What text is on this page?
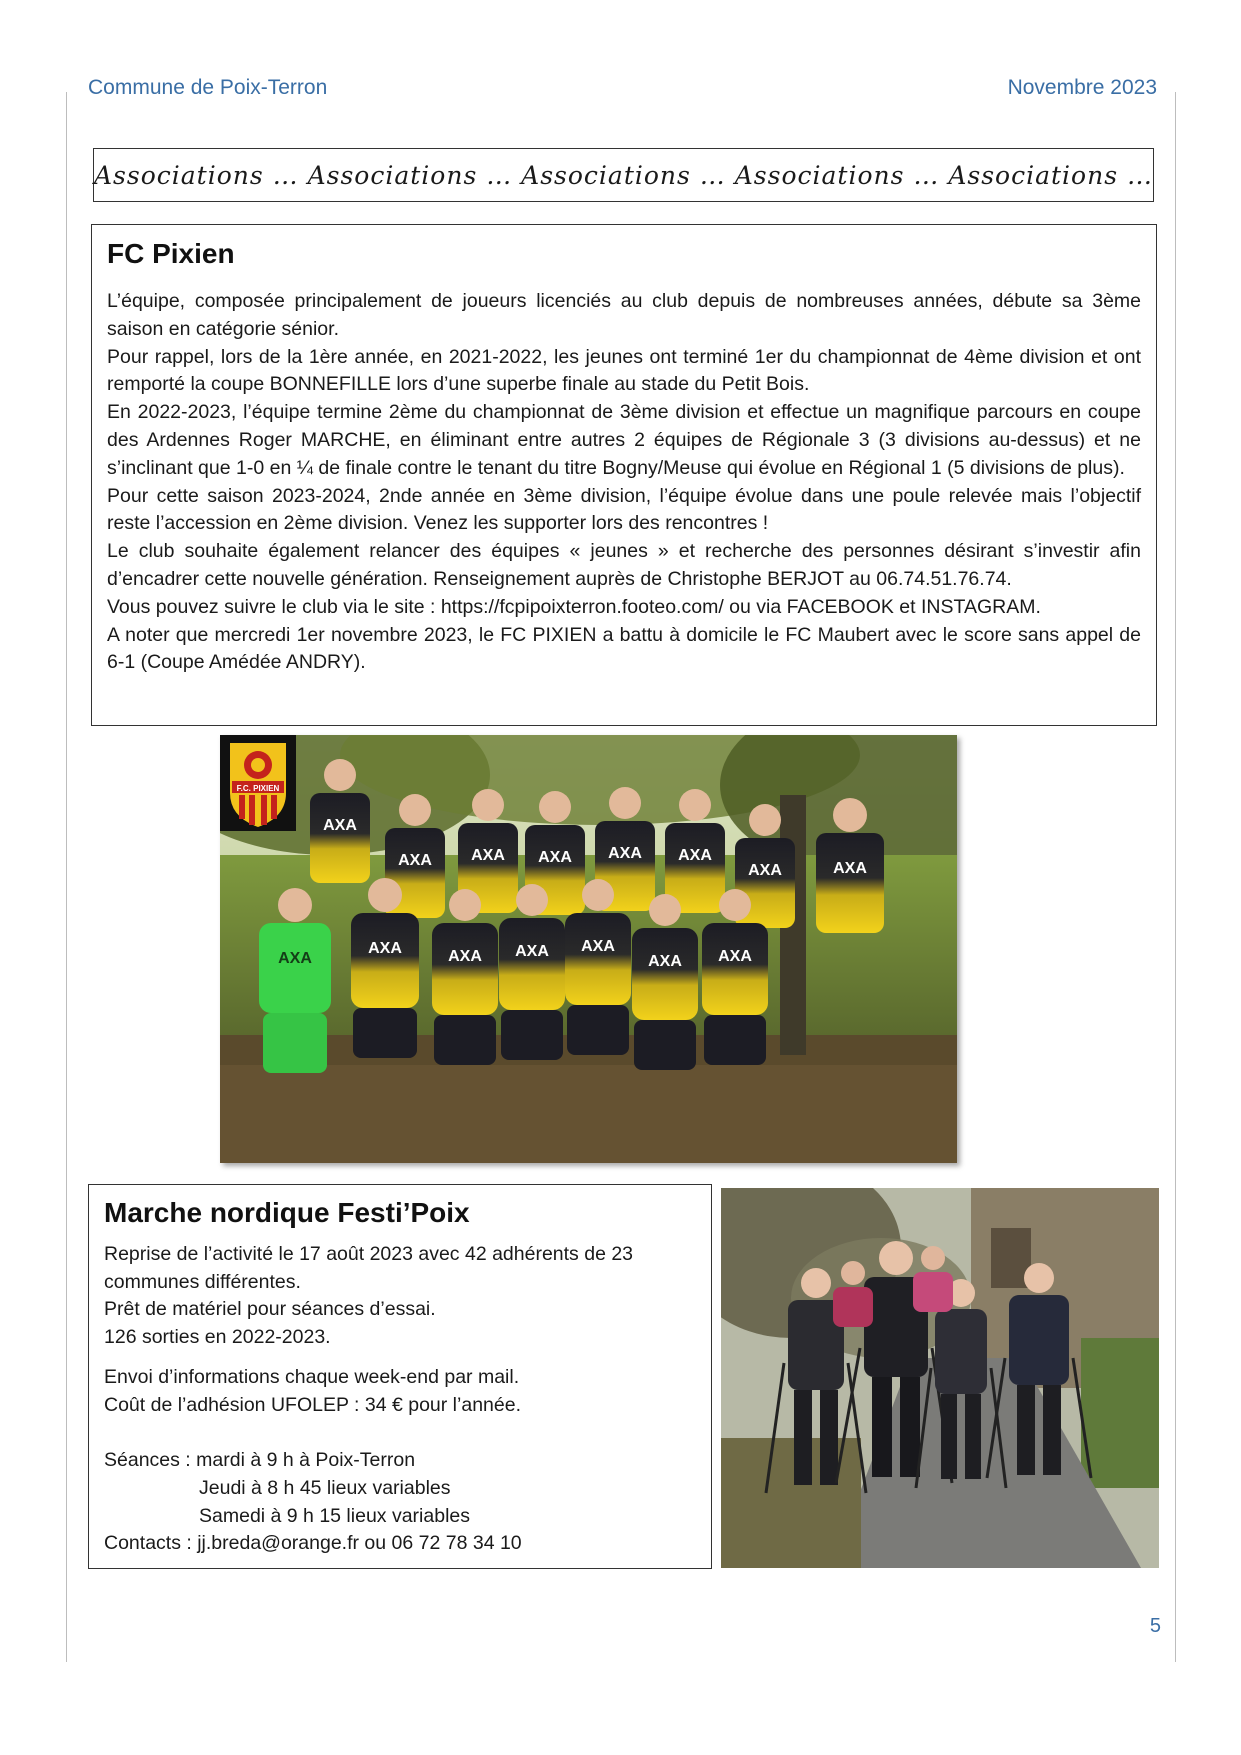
Commune de Poix-Terron	Novembre 2023
Associations … Associations … Associations … Associations … Associations …
FC Pixien

L’équipe, composée principalement de joueurs licenciés au club depuis de nombreuses années, débute sa 3ème saison en catégorie sénior.

Pour rappel, lors de la 1ère année, en 2021-2022, les jeunes ont terminé 1er du championnat de 4ème division et ont remporté la coupe BONNEFILLE lors d’une superbe finale au stade du Petit Bois.

En 2022-2023, l’équipe termine 2ème du championnat de 3ème division et effectue un magnifique parcours en coupe des Ardennes Roger MARCHE, en éliminant entre autres 2 équipes de Régionale 3 (3 divisions au-dessus) et ne s’inclinant que 1-0 en ¼ de finale contre le tenant du titre Bogny/Meuse qui évolue en Régional 1 (5 divisions de plus).

Pour cette saison 2023-2024, 2nde année en 3ème division, l’équipe évolue dans une poule relevée mais l’objectif reste l’accession en 2ème division. Venez les supporter lors des rencontres !

Le club souhaite également relancer des équipes « jeunes » et recherche des personnes désirant s’investir afin d’encadrer cette nouvelle génération. Renseignement auprès de Christophe BERJOT au 06.74.51.76.74.

Vous pouvez suivre le club via le site : https://fcpipoixterron.footeo.com/ ou via FACEBOOK et INSTAGRAM.

A noter que mercredi 1er novembre 2023, le FC PIXIEN a battu à domicile le FC Maubert avec le score sans appel de 6-1 (Coupe Amédée ANDRY).

AXA
AXA AXA AXA AXA AXA
AXA	AXA
AXA
AXA	AXA AXA AXA
AXA AXA
F.C. PIXIEN
Marche nordique Festi’Poix
Reprise de l’activité le 17 août 2023 avec 42 adhérents de 23
communes différentes.
Prêt de matériel pour séances d’essai.
126 sorties en 2022-2023.
Envoi d’informations chaque week-end par mail.
Coût de l’adhésion UFOLEP : 34 € pour l’année.
Séances : mardi à 9 h à Poix-Terron
Jeudi à 8 h 45 lieux variables
Samedi à 9 h 15 lieux variables
Contacts : jj.breda@orange.fr ou 06 72 78 34 10
5
